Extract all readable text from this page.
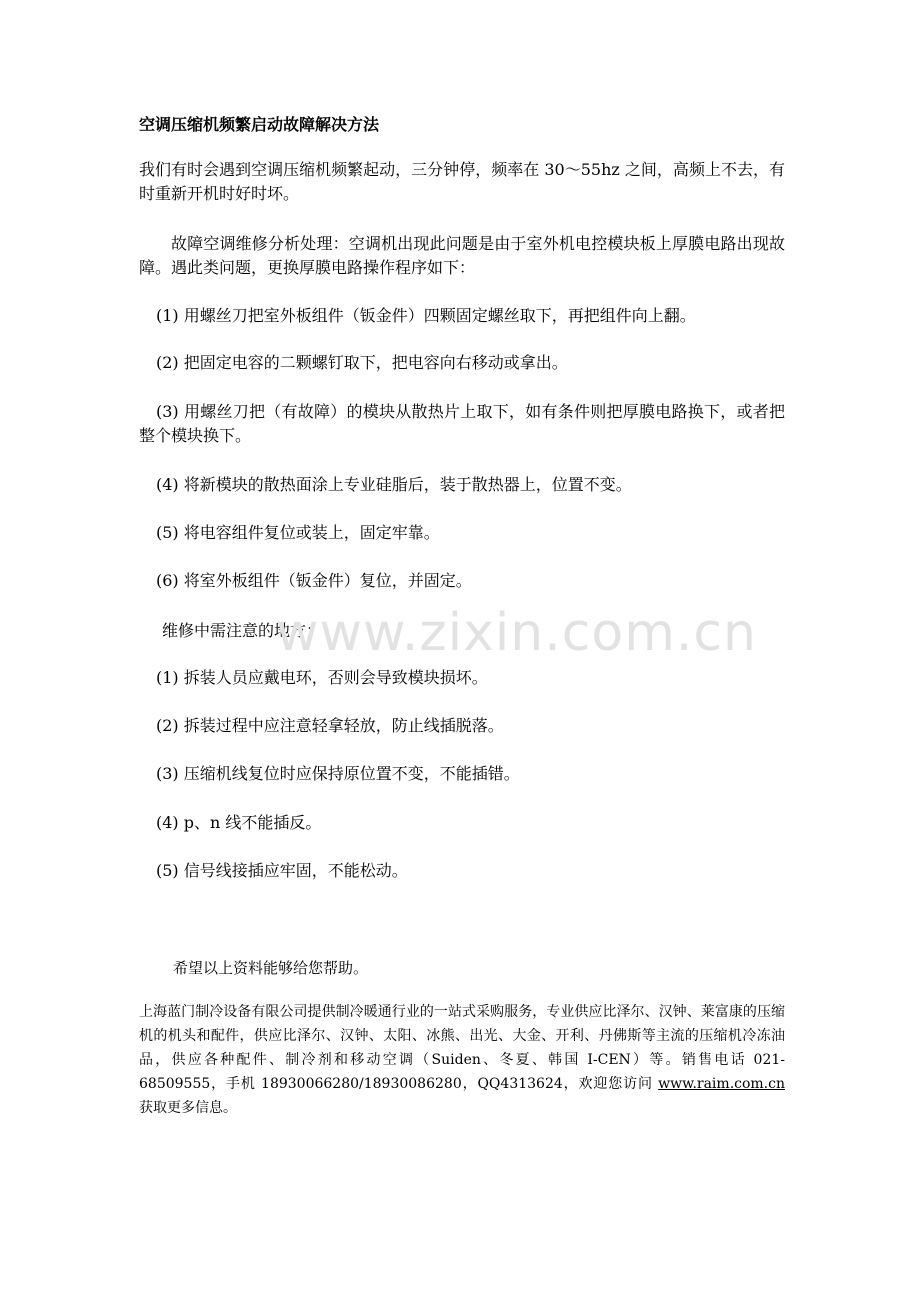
空调压缩机频繁启动故障解决方法
我们有时会遇到空调压缩机频繁起动，三分钟停，频率在 30～55hz 之间，高频上不去，有时重新开机时好时坏。
故障空调维修分析处理：空调机出现此问题是由于室外机电控模块板上厚膜电路出现故障。遇此类问题，更换厚膜电路操作程序如下：
(1) 用螺丝刀把室外板组件（钣金件）四颗固定螺丝取下，再把组件向上翻。
(2) 把固定电容的二颗螺钉取下，把电容向右移动或拿出。
(3) 用螺丝刀把（有故障）的模块从散热片上取下，如有条件则把厚膜电路换下，或者把整个模块换下。
(4) 将新模块的散热面涂上专业硅脂后，装于散热器上，位置不变。
(5) 将电容组件复位或装上，固定牢靠。
(6) 将室外板组件（钣金件）复位，并固定。
维修中需注意的地方：
(1) 拆装人员应戴电环，否则会导致模块损坏。
(2) 拆装过程中应注意轻拿轻放，防止线插脱落。
(3) 压缩机线复位时应保持原位置不变，不能插错。
(4) p、n 线不能插反。
(5) 信号线接插应牢固，不能松动。
希望以上资料能够给您帮助。
上海蓝门制冷设备有限公司提供制冷暖通行业的一站式采购服务，专业供应比泽尔、汉钟、莱富康的压缩机的机头和配件，供应比泽尔、汉钟、太阳、冰熊、出光、大金、开利、丹佛斯等主流的压缩机冷冻油品，供应各种配件、制冷剂和移动空调（Suiden、冬夏、韩国 I-CEN）等。销售电话 021-68509555，手机 18930066280/18930086280，QQ4313624，欢迎您访问 www.raim.com.cn 获取更多信息。
www.zixin.com.cn
